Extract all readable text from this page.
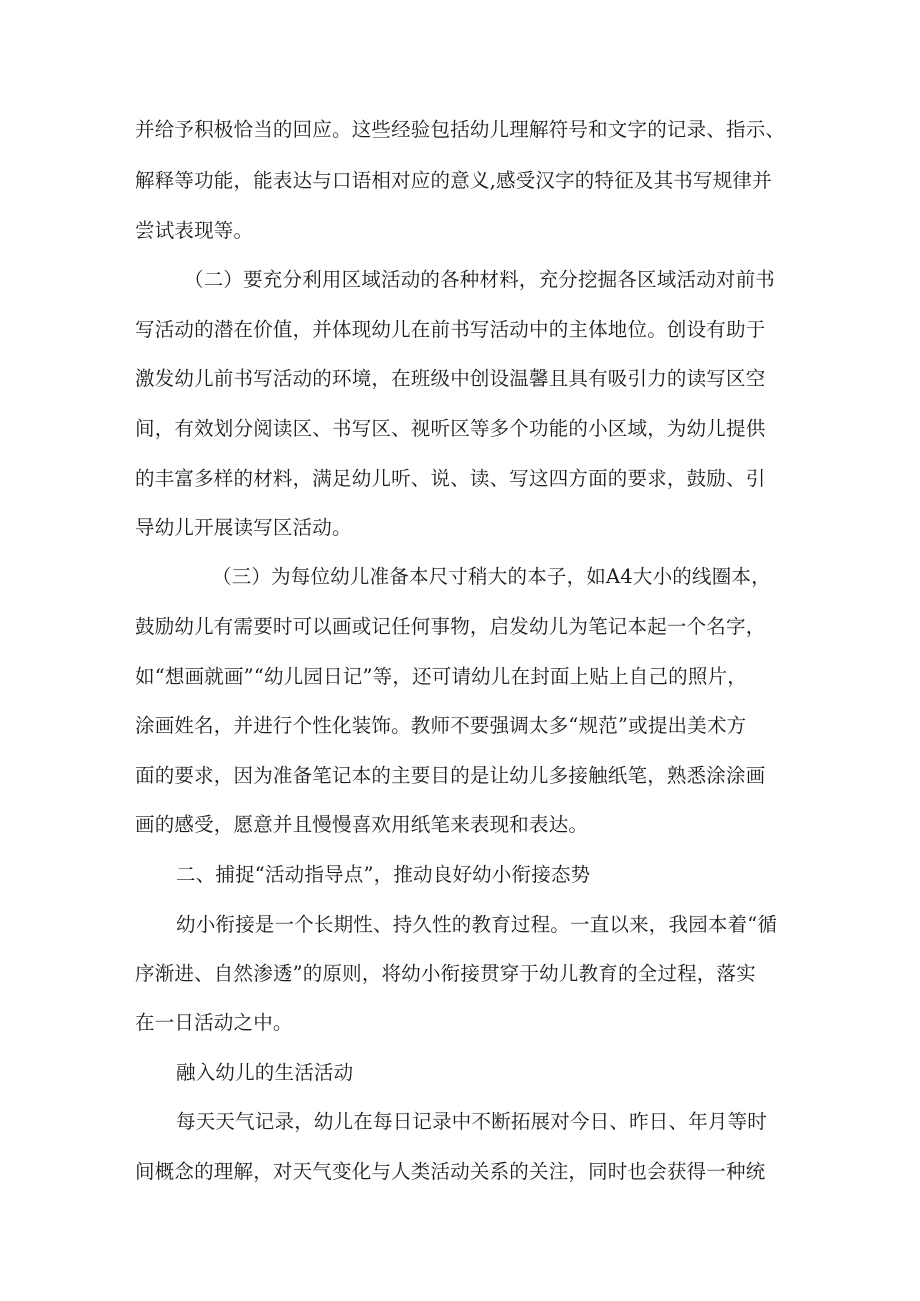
并给予积极恰当的回应。这些经验包括幼儿理解符号和文字的记录、指示、
解释等功能，能表达与口语相对应的意义,感受汉字的特征及其书写规律并
尝试表现等。
（二）要充分利用区域活动的各种材料，充分挖掘各区域活动对前书
写活动的潜在价值，并体现幼儿在前书写活动中的主体地位。创设有助于
激发幼儿前书写活动的环境，在班级中创设温馨且具有吸引力的读写区空
间，有效划分阅读区、书写区、视听区等多个功能的小区域，为幼儿提供
的丰富多样的材料，满足幼儿听、说、读、写这四方面的要求，鼓励、引
导幼儿开展读写区活动。
（三）为每位幼儿准备本尺寸稍大的本子，如A4大小的线圈本，
鼓励幼儿有需要时可以画或记任何事物，启发幼儿为笔记本起一个名字，
如“想画就画”“幼儿园日记”等，还可请幼儿在封面上贴上自己的照片，
涂画姓名，并进行个性化装饰。教师不要强调太多“规范”或提出美术方
面的要求，因为准备笔记本的主要目的是让幼儿多接触纸笔，熟悉涂涂画
画的感受，愿意并且慢慢喜欢用纸笔来表现和表达。
二、捕捉“活动指导点”，推动良好幼小衔接态势
幼小衔接是一个长期性、持久性的教育过程。一直以来，我园本着“循
序渐进、自然渗透”的原则，将幼小衔接贯穿于幼儿教育的全过程，落实
在一日活动之中。
融入幼儿的生活活动
每天天气记录，幼儿在每日记录中不断拓展对今日、昨日、年月等时
间概念的理解，对天气变化与人类活动关系的关注，同时也会获得一种统
